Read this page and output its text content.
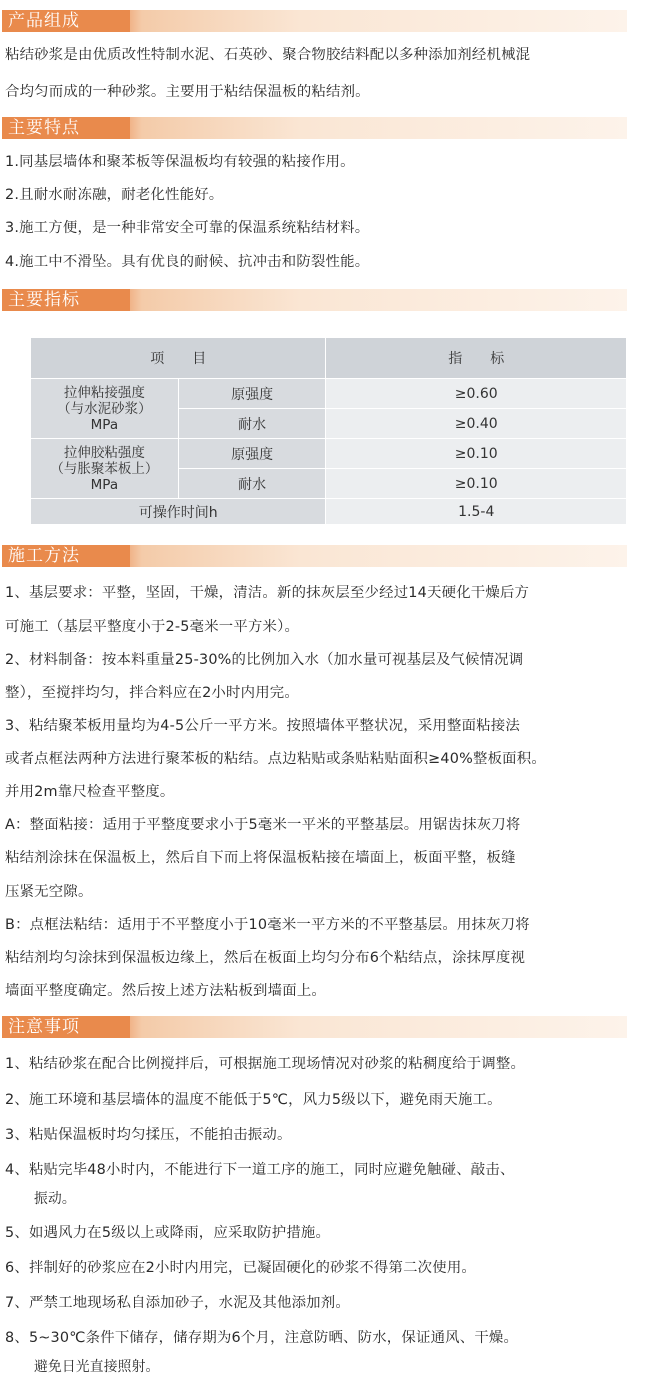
产品组成
粘结砂浆是由优质改性特制水泥、石英砂、聚合物胶结料配以多种添加剂经机械混
合均匀而成的一种砂浆。主要用于粘结保温板的粘结剂。
主要特点
1.同基层墙体和聚苯板等保温板均有较强的粘接作用。
2.且耐水耐冻融，耐老化性能好。
3.施工方便，是一种非常安全可靠的保温系统粘结材料。
4.施工中不滑坠。具有优良的耐候、抗冲击和防裂性能。
主要指标
项　　目		指　　标

拉伸粘接强度
（与水泥砂浆）
MPa	原强度	≥0.60
	耐水	≥0.40

拉伸胶粘强度
（与胀聚苯板上）
MPa	原强度	≥0.10
	耐水	≥0.10
可操作时间h		1.5-4
施工方法
1、基层要求：平整，坚固，干燥，清洁。新的抹灰层至少经过14天硬化干燥后方
可施工（基层平整度小于2-5毫米一平方米）。
2、材料制备：按本料重量25-30%的比例加入水（加水量可视基层及气候情况调
整），至搅拌均匀，拌合料应在2小时内用完。
3、粘结聚苯板用量均为4-5公斤一平方米。按照墙体平整状况，采用整面粘接法
或者点框法两种方法进行聚苯板的粘结。点边粘贴或条贴粘贴面积≥40%整板面积。
并用2m靠尺检查平整度。
A：整面粘接：适用于平整度要求小于5毫米一平米的平整基层。用锯齿抹灰刀将
粘结剂涂抹在保温板上，然后自下而上将保温板粘接在墙面上，板面平整，板缝
压紧无空隙。
B：点框法粘结：适用于不平整度小于10毫米一平方米的不平整基层。用抹灰刀将
粘结剂均匀涂抹到保温板边缘上，然后在板面上均匀分布6个粘结点，涂抹厚度视
墙面平整度确定。然后按上述方法粘板到墙面上。
注意事项
1、粘结砂浆在配合比例搅拌后，可根据施工现场情况对砂浆的粘稠度给于调整。
2、施工环境和基层墙体的温度不能低于5℃，风力5级以下，避免雨天施工。
3、粘贴保温板时均匀揉压，不能拍击振动。
4、粘贴完毕48小时内，不能进行下一道工序的施工，同时应避免触碰、敲击、
振动。
5、如遇风力在5级以上或降雨，应采取防护措施。
6、拌制好的砂浆应在2小时内用完，已凝固硬化的砂浆不得第二次使用。
7、严禁工地现场私自添加砂子，水泥及其他添加剂。
8、5~30℃条件下储存，储存期为6个月，注意防晒、防水，保证通风、干燥。
避免日光直接照射。
